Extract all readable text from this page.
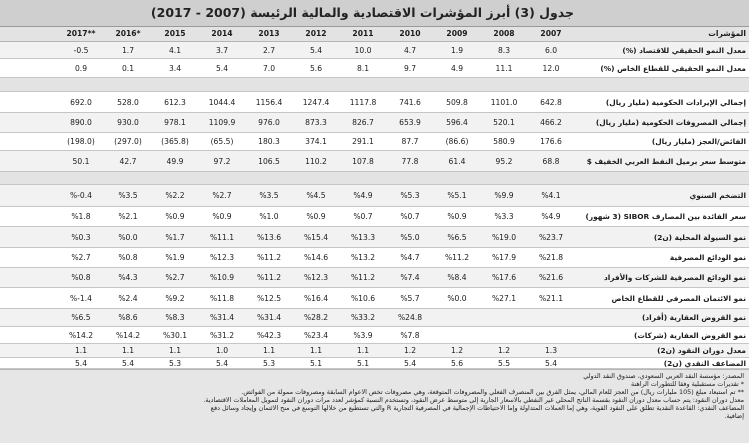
جدول (3) أبرز المؤشرات الاقتصادية والمالية الرئيسة (2007 - 2017)
المؤشرات
2007
2008
2009
2010
2011
2012
2013
2014
2015
2016*
2017**
معدل النمو الحقيقي للاقتصاد (%)
6.0
8.3
1.9
4.7
10.0
5.4
2.7
3.7
4.1
1.7
-0.5
معدل النمو الحقيقي للقطاع الخاص (%)
12.0
11.1
4.9
9.7
8.1
5.6
7.0
5.4
3.4
0.1
0.9
إجمالي الإيرادات الحكومية (مليار ريال)
642.8
1101.0
509.8
741.6
1117.8
1247.4
1156.4
1044.4
612.3
528.0
692.0
إجمالي المصروفات الحكومية (مليار ريال)
466.2
520.1
596.4
653.9
826.7
873.3
976.0
1109.9
978.1
930.0
890.0
الفائض/العجز (مليار ريال)
176.6
580.9
(86.6)
87.7
291.1
374.1
180.3
(65.5)
(365.8)
(297.0)
(198.0)
متوسط سعر برميل النفط العربي الخفيف $
68.8
95.2
61.4
77.8
107.8
110.2
106.5
97.2
49.9
42.7
50.1
التضخم السنوي
%4.1
%9.9
%5.1
%5.3
%4.9
%4.5
%3.5
%2.7
%2.2
%3.5
%-0.4
سعر الفائدة بين المصارف SIBOR (3 شهور)
%4.9
%3.3
%0.9
%0.7
%0.7
%0.9
%1.0
%0.9
%0.9
%2.1
%1.8
نمو السيولة المحلية (ن2)
%23.7
%19.0
%6.5
%5.0
%13.3
%15.4
%13.6
%11.1
%1.7
%0.0
%0.3
نمو الودائع المصرفية
%21.8
%17.9
%11.2
%4.7
%13.2
%14.6
%11.2
%12.3
%1.9
%0.8
%2.7
نمو الودائع المصرفية للشركات والأفراد
%21.6
%17.6
%8.4
%7.4
%11.2
%12.3
%11.2
%10.9
%2.7
%4.3
%0.8
نمو الائتمان المصرفي للقطاع الخاص
%21.1
%27.1
%0.0
%5.7
%10.6
%16.4
%12.5
%11.8
%9.2
%2.4
%-1.4
نمو القروض العقارية (أفراد)
%24.8
%33.2
%28.2
%31.4
%31.4
%8.3
%8.6
%6.5
نمو القروض العقارية (شركات)
%7.8
%3.9
%23.4
%42.3
%31.2
%30.1
%14.2
%14.2
معدل دوران النقود (ن2)
1.3
1.2
1.2
1.2
1.1
1.1
1.1
1.0
1.1
1.1
1.1
المضاعف النقدي (ن2)
5.4
5.5
5.6
5.4
5.1
5.1
5.3
5.4
5.3
5.4
5.4
المصدر: مؤسسة النقد العربي السعودي، صندوق النقد الدولي
* تقديرات مستقبلية وفقاً للتطورات الراهنة
** تم استبعاد مبلغ (105 مليارات ريال) من العجز للعام المالي، يمثل الفرق بين المنصرف الفعلي والمصروفات المتوقعة، وهي مصروفات تخص الأعوام السابقة ومصروفات ممولة من الفوائض.
معدل دوران النقود: يتم حساب معدل دوران النقود بقسمة الناتج المحلي غير النفطي بالأسعار الجارية إلى متوسط عرض النقود، وتستخدم النسبة كمؤشر لعدد مرات دوران النقود لتمويل المعاملات الاقتصادية.
المضاعف النقدي: القاعدة النقدية تطلق على النقود القوية، وهي إما العملات المتداولة وإما الاحتياطات الإجمالية في المصرفية التجارية R والتي تستطيع من خلالها التوسع في منح الائتمان وإيجاد وسائل دفع
إضافية.
